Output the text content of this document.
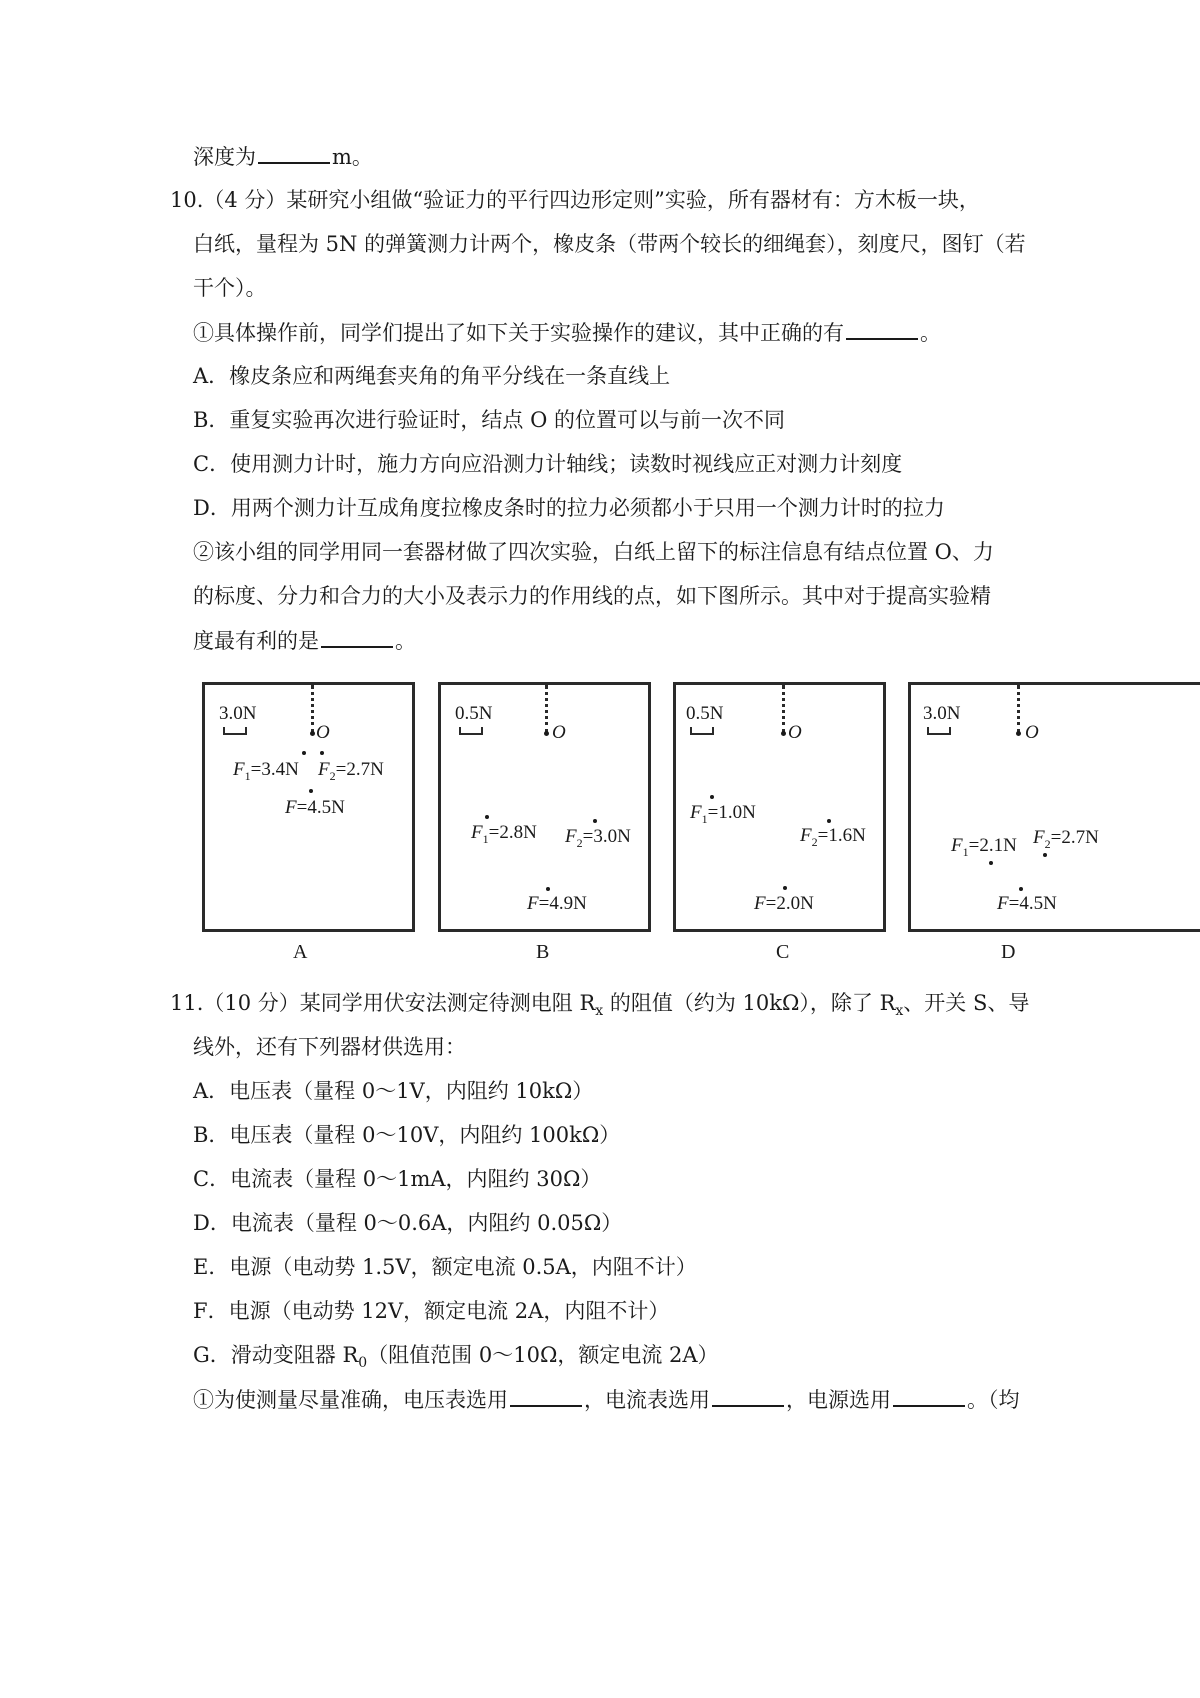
深度为	m。
10.（4 分）某研究小组做“验证力的平行四边形定则”实验，所有器材有：方木板一块，
白纸，量程为 5N 的弹簧测力计两个，橡皮条（带两个较长的细绳套），刻度尺，图钉（若
干个）。
①具体操作前，同学们提出了如下关于实验操作的建议，其中正确的有	。
A．橡皮条应和两绳套夹角的角平分线在一条直线上
B．重复实验再次进行验证时，结点 O 的位置可以与前一次不同
C．使用测力计时，施力方向应沿测力计轴线；读数时视线应正对测力计刻度
D．用两个测力计互成角度拉橡皮条时的拉力必须都小于只用一个测力计时的拉力
②该小组的同学用同一套器材做了四次实验，白纸上留下的标注信息有结点位置 O、力
的标度、分力和合力的大小及表示力的作用线的点，如下图所示。其中对于提高实验精
度最有利的是	。
3.0N
O
$F_1=3.4N$ $F_2=2.7N$
F=4.5N
A
0.5N
O
$F_1=2.8N$ $F_2=3.0N$
F=4.9N
B
0.5N
O
$F_1=1.0N$
$F_2=1.6N$
F=2.0N
C
3.0N
O
$F_1=2.1N$ $F_2=2.7N$
F=4.5N
D
11.（10 分）某同学用伏安法测定待测电阻 $R_x$ 的阻值（约为 10kΩ），除了 $R_x$、开关 S、导
线外，还有下列器材供选用：
A．电压表（量程 0～1V，内阻约 10kΩ）
B．电压表（量程 0～10V，内阻约 100kΩ）
C．电流表（量程 0～1mA，内阻约 30Ω）
D．电流表（量程 0～0.6A，内阻约 0.05Ω）
E．电源（电动势 1.5V，额定电流 0.5A，内阻不计）
F．电源（电动势 12V，额定电流 2A，内阻不计）
G．滑动变阻器 $R_0$（阻值范围 0～10Ω，额定电流 2A）
①为使测量尽量准确，电压表选用	，电流表选用	，电源选用	。（均
